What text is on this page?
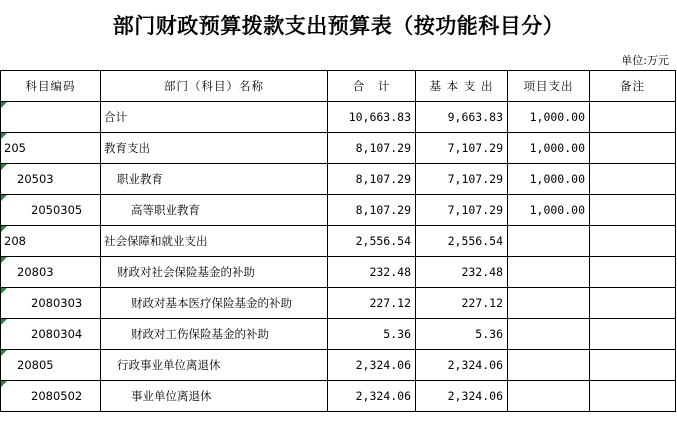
部门财政预算拨款支出预算表（按功能科目分）
单位:万元
科目编码	部门（科目）名称	合　计	基 本 支 出	项目支出	备注

	合计	10,663.83	9,663.83	1,000.00	

205	教育支出	8,107.29	7,107.29	1,000.00	

20503	职业教育	8,107.29	7,107.29	1,000.00	

2050305	高等职业教育	8,107.29	7,107.29	1,000.00	

208	社会保障和就业支出	2,556.54	2,556.54		

20803	财政对社会保险基金的补助	232.48	232.48		

2080303	财政对基本医疗保险基金的补助	227.12	227.12		

2080304	财政对工伤保险基金的补助	5.36	5.36		

20805	行政事业单位离退休	2,324.06	2,324.06		

2080502	事业单位离退休	2,324.06	2,324.06		
